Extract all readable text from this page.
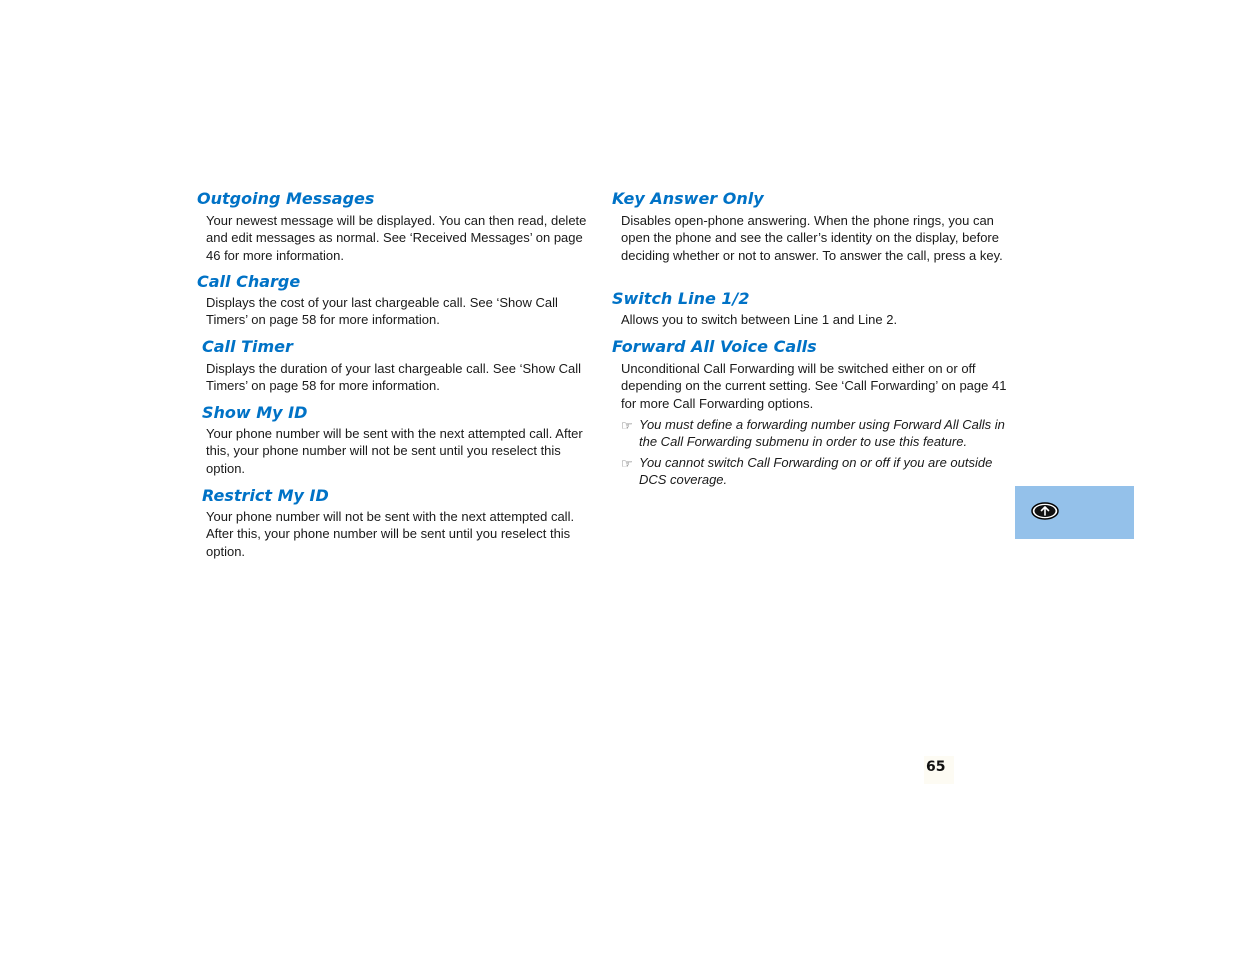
Outgoing Messages

Your newest message will be displayed. You can then read, delete and edit messages as normal. See ‘Received Messages’ on page 46 for more information.

Call Charge

Displays the cost of your last chargeable call. See ‘Show Call Timers’ on page 58 for more information.

Call Timer

Displays the duration of your last chargeable call. See ‘Show Call Timers’ on page 58 for more information.

Show My ID

Your phone number will be sent with the next attempted call. After this, your phone number will not be sent until you reselect this option.

Restrict My ID

Your phone number will not be sent with the next attempted call. After this, your phone number will be sent until you reselect this option.

Key Answer Only

Disables open-phone answering. When the phone rings, you can open the phone and see the caller’s identity on the display, before deciding whether or not to answer. To answer the call, press a key.

Switch Line 1/2

Allows you to switch between Line 1 and Line 2.

Forward All Voice Calls

Unconditional Call Forwarding will be switched either on or off depending on the current setting. See ‘Call Forwarding’ on page 41 for more Call Forwarding options.

☞ You must define a forwarding number using Forward All Calls in the Call Forwarding submenu in order to use this feature.
☞ You cannot switch Call Forwarding on or off if you are outside DCS coverage.
65
